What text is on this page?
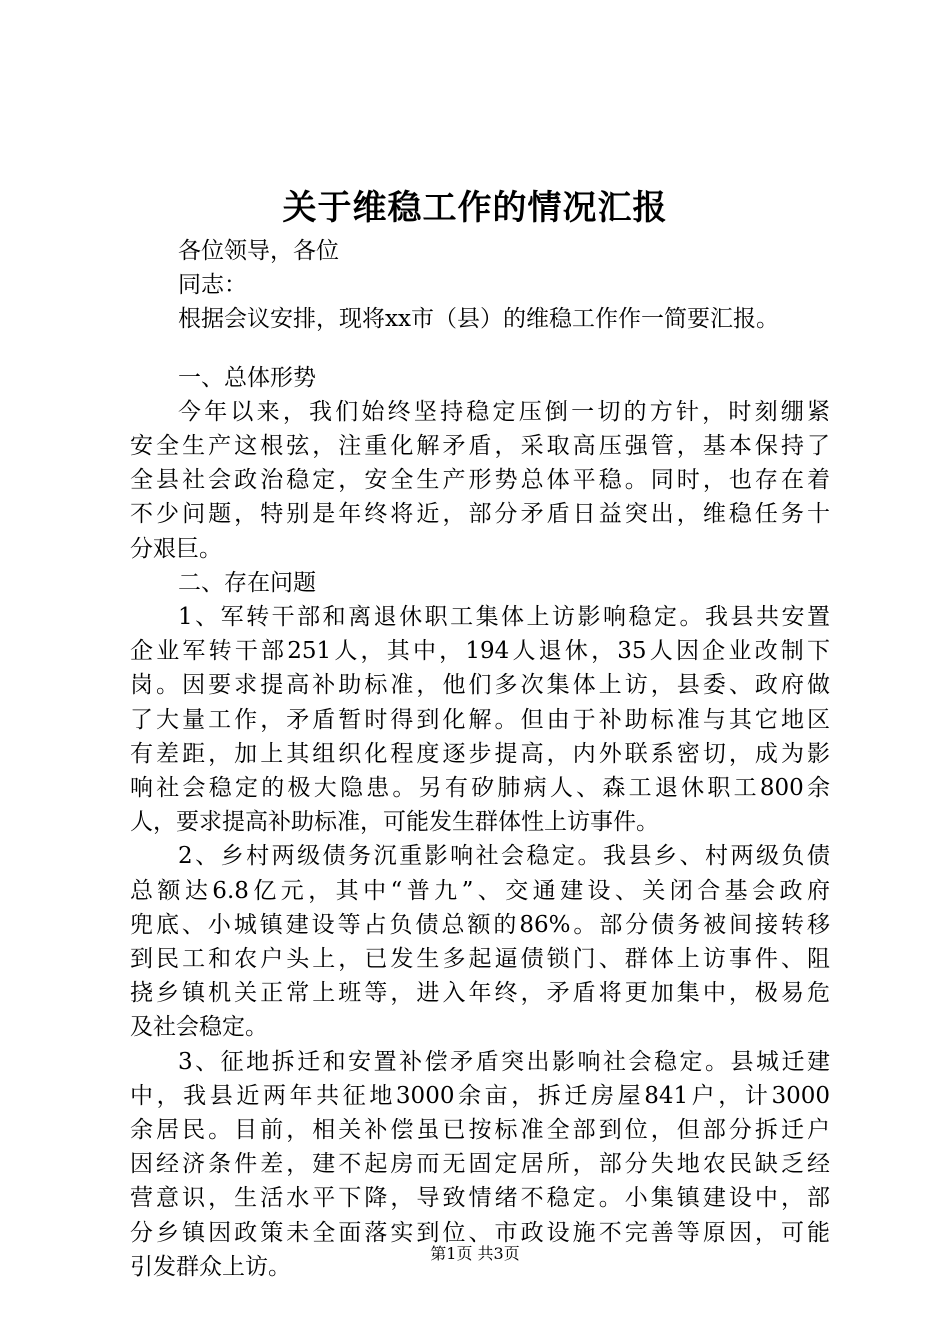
关于维稳工作的情况汇报
各位领导，各位
同志：
根据会议安排，现将xx市（县）的维稳工作作一简要汇报。
一、总体形势
今年以来，我们始终坚持稳定压倒一切的方针，时刻绷紧
安全生产这根弦，注重化解矛盾，采取高压强管，基本保持了
全县社会政治稳定，安全生产形势总体平稳。同时，也存在着
不少问题，特别是年终将近，部分矛盾日益突出，维稳任务十
分艰巨。
二、存在问题
1、军转干部和离退休职工集体上访影响稳定。我县共安置
企业军转干部251人，其中，194人退休，35人因企业改制下
岗。因要求提高补助标准，他们多次集体上访，县委、政府做
了大量工作，矛盾暂时得到化解。但由于补助标准与其它地区
有差距，加上其组织化程度逐步提高，内外联系密切，成为影
响社会稳定的极大隐患。另有矽肺病人、森工退休职工800余
人，要求提高补助标准，可能发生群体性上访事件。
2、乡村两级债务沉重影响社会稳定。我县乡、村两级负债
总额达6.8亿元，其中“普九”、交通建设、关闭合基会政府
兜底、小城镇建设等占负债总额的86%。部分债务被间接转移
到民工和农户头上，已发生多起逼债锁门、群体上访事件、阻
挠乡镇机关正常上班等，进入年终，矛盾将更加集中，极易危
及社会稳定。
3、征地拆迁和安置补偿矛盾突出影响社会稳定。县城迁建
中，我县近两年共征地3000余亩，拆迁房屋841户，计3000
余居民。目前，相关补偿虽已按标准全部到位，但部分拆迁户
因经济条件差，建不起房而无固定居所，部分失地农民缺乏经
营意识，生活水平下降，导致情绪不稳定。小集镇建设中，部
分乡镇因政策未全面落实到位、市政设施不完善等原因，可能
引发群众上访。
第1页 共3页
